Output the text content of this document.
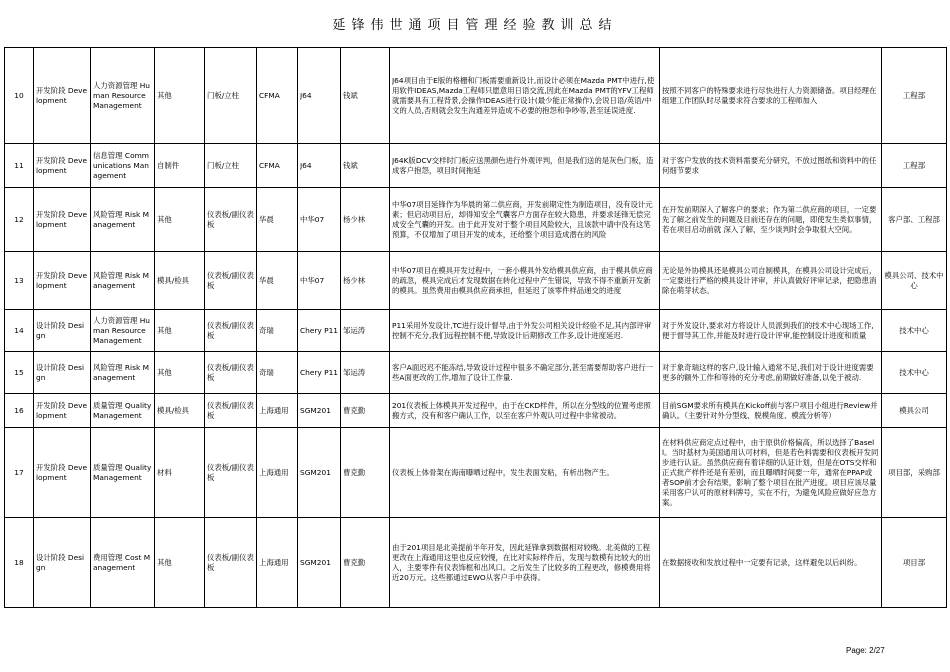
延锋伟世通项目管理经验教训总结
10	开发阶段 Development	人力资源管理 Human Resource Management	其他	门板/立柱	CFMA	J64	钱斌	J64项目由于E版的格栅和门板需要重新设计,而设计必须在Mazda PMT中进行,使用软件IDEAS,Mazda工程师只愿意用日语交流,因此在Mazda PMT的YFV工程师就需要具有工程背景,会操作IDEAS进行设计(最少能正常操作),会说日语/英语/中文的人员,否则就会发生沟通差异造成不必要的抱怨和争吵等,甚至延误进度.	按照不同客户的特殊要求进行尽快进行人力资源储备。项目经理在组建工作团队时尽量要求符合要求的工程师加入	工程部

11	开发阶段 Development	信息管理 Communications Management	自制件	门板/立柱	CFMA	J64	钱斌	J64K版DCV交样时门板应送黑颜色进行外观评判，但是我们送的是灰色门板，造成客户抱怨，项目时间拖延	对于客户发放的技术资料需要充分研究，不放过图纸和资料中的任何细节要求	工程部

12	开发阶段 Development	风险管理 Risk Management	其他	仪表板/副仪表板	华晨	中华07	杨少林	中华07项目延锋作为华晨的第二供应商，开发前期定性为制造项目，没有设计元素；但启动项目后，却得知安全气囊客户方面存在较大隐患，并要求延锋无偿完成安全气囊的开发。由于此开发对于整个项目风险较大，且该款中请中没有这笔预算，不仅增加了项目开发的成本，还给整个项目造成潜在的风险	在开发前期深入了解客户的要求；作为第二供应商的项目，一定要先了解之前发生的问题及目前还存在的问题，即使发生类似事情，若在项目启动前就 深入了解，至少谈判时会争取很大空间。	客户部、工程部

13	开发阶段 Development	风险管理 Risk Management	模具/检具	仪表板/副仪表板	华晨	中华07	杨少林	中华07项目在模具开发过程中，一套小模具外发给模具供应商，由于模具供应商的疏忽，模具完成后才发现数据在转化过程中产生错误，导致不得不重新开发新的模具。虽然费用由模具供应商承担，但延迟了该零件样品递交的进度	无论是外协模具还是模具公司自制模具，在模具公司设计完成后，一定要进行严格的模具设计评审，并认真做好评审记录，把隐患消除在萌芽状态。	模具公司、技术中心

14	设计阶段 Design	人力资源管理 Human Resource Management	其他	仪表板/副仪表板	奇瑞	Chery P11	邹运涛	P11采用外发设计,TC进行设计督导,由于外发公司相关设计经验不足,其内部评审控制不充分,我们远程控制不便,导致设计后期修改工作多,设计进度延迟.	对于外发设计,要求对方将设计人员派到我们的技术中心现场工作,便于督导其工作,并能及时进行设计评审,能控制设计进度和质量	技术中心

15	设计阶段 Design	风险管理 Risk Management	其他	仪表板/副仪表板	奇瑞	Chery P11	邹运涛	客户A面迟迟不能冻结,导致设计过程中很多不确定部分,甚至需要帮助客户进行一些A面更改的工作,增加了设计工作量.	对于象奇瑞这样的客户,设计输入通常不足,我们对于设计进度需要更多的额外工作和等待的充分考虑,前期做好准备,以免于被动.	技术中心

16	开发阶段 Development	质量管理 Quality Management	模具/检具	仪表板/副仪表板	上海通用	SGM201	曹克勤	201仪表板上体模具开发过程中，由于在CKD样件，所以在分型线的位置考虑照搬方式，没有和客户确认工作，以至在客户外观认可过程中非常被动。	目前SGM要求所有模具在Kickoff前与客户项目小组进行Review并确认。（主要针对外分型线、脱模角度、模流分析等）	模具公司

17	开发阶段 Development	质量管理 Quality Management	材料	仪表板/副仪表板	上海通用	SGM201	曹克勤	仪表板上体骨架在海南曝晒过程中，发生表面发粘，有析出物产生。	在材料供应商定点过程中，由于原供价格偏高，所以选择了Basell。当时基材为美国通用认可材料，但是若色料需要和仪表板开发同步进行认证。虽然供应商有着详细的认证计划，但是在OTS交样和正式批产样件还是有差别，而且曝晒时间要一年，通常在PPAP或者SOP前才会有结果，影响了整个项目在批产进度。项目应该尽量采用客户认可的原材料牌号，实在不行，为避免风险应做好应急方案。	项目部，采购部

18	设计阶段 Design	费用管理 Cost Management	其他	仪表板/副仪表板	上海通用	SGM201	曹克勤	由于201项目是北美提前半年开发，因此延锋拿到数据相对较晚。北美做的工程更改在上海通用这里也反应较慢，在比对实际样件后，发现与数模有比较大的出入，主要零件有仪表饰框和出风口。之后发生了比较多的工程更改，修模费用将近20万元。这些都通过EWO从客户手中获得。	在数据接收和发放过程中一定要有记录，这样避免以后纠纷。	项目部
Page: 2/27
